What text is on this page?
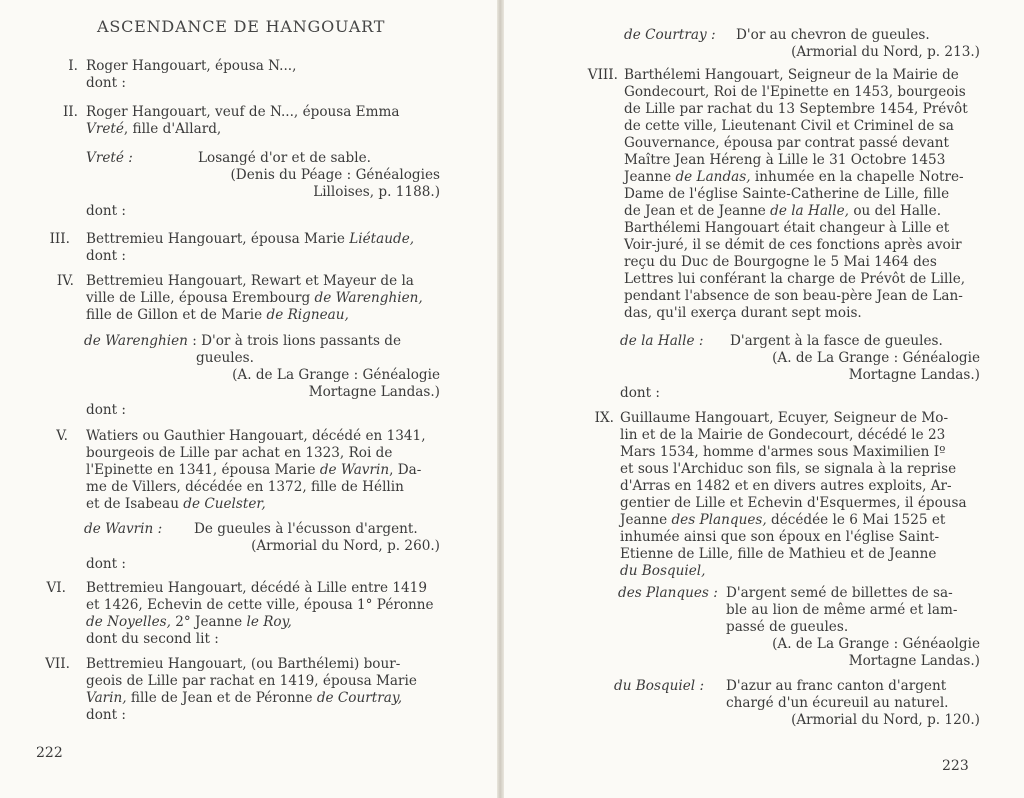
ASCENDANCE DE HANGOUART
I. Roger Hangouart, épousa N...,
dont :
II. Roger Hangouart, veuf de N..., épousa Emma
Vreté, fille d'Allard,
Vreté :	Losangé d'or et de sable.
(Denis du Péage : Généalogies
Lilloises, p. 1188.)
dont :
III. Bettremieu Hangouart, épousa Marie Liétaude,
dont :
IV. Bettremieu Hangouart, Rewart et Mayeur de la
ville de Lille, épousa Erembourg de Warenghien,
fille de Gillon et de Marie de Rigneau,
de Warenghien : D'or à trois lions passants de
gueules.
(A. de La Grange : Généalogie
Mortagne Landas.)
dont :
V. Watiers ou Gauthier Hangouart, décédé en 1341,
bourgeois de Lille par achat en 1323, Roi de
l'Epinette en 1341, épousa Marie de Wavrin, Da-
me de Villers, décédée en 1372, fille de Héllin
et de Isabeau de Cuelster,
de Wavrin : De gueules à l'écusson d'argent.
(Armorial du Nord, p. 260.)
dont :
VI. Bettremieu Hangouart, décédé à Lille entre 1419
et 1426, Echevin de cette ville, épousa 1° Péronne
de Noyelles, 2° Jeanne le Roy,
dont du second lit :
VII. Bettremieu Hangouart, (ou Barthélemi) bour-
geois de Lille par rachat en 1419, épousa Marie
Varin, fille de Jean et de Péronne de Courtray,
dont :
222
de Courtray : D'or au chevron de gueules.
(Armorial du Nord, p. 213.)
VIII. Barthélemi Hangouart, Seigneur de la Mairie de
Gondecourt, Roi de l'Epinette en 1453, bourgeois
de Lille par rachat du 13 Septembre 1454, Prévôt
de cette ville, Lieutenant Civil et Criminel de sa
Gouvernance, épousa par contrat passé devant
Maître Jean Héreng à Lille le 31 Octobre 1453
Jeanne de Landas, inhumée en la chapelle Notre-
Dame de l'église Sainte-Catherine de Lille, fille
de Jean et de Jeanne de la Halle, ou del Halle.
Barthélemi Hangouart était changeur à Lille et
Voir-juré, il se démit de ces fonctions après avoir
reçu du Duc de Bourgogne le 5 Mai 1464 des
Lettres lui conférant la charge de Prévôt de Lille,
pendant l'absence de son beau-père Jean de Lan-
das, qu'il exerça durant sept mois.
de la Halle : D'argent à la fasce de gueules.
(A. de La Grange : Généalogie
Mortagne Landas.)
dont :
IX. Guillaume Hangouart, Ecuyer, Seigneur de Mo-
lin et de la Mairie de Gondecourt, décédé le 23
Mars 1534, homme d'armes sous Maximilien Iº
et sous l'Archiduc son fils, se signala à la reprise
d'Arras en 1482 et en divers autres exploits, Ar-
gentier de Lille et Echevin d'Esquermes, il épousa
Jeanne des Planques, décédée le 6 Mai 1525 et
inhumée ainsi que son époux en l'église Saint-
Etienne de Lille, fille de Mathieu et de Jeanne
du Bosquiel,
des Planques : D'argent semé de billettes de sa-
ble au lion de même armé et lam-
passé de gueules.
(A. de La Grange : Généaolgie
Mortagne Landas.)
du Bosquiel : D'azur au franc canton d'argent
chargé d'un écureuil au naturel.
(Armorial du Nord, p. 120.)
223
